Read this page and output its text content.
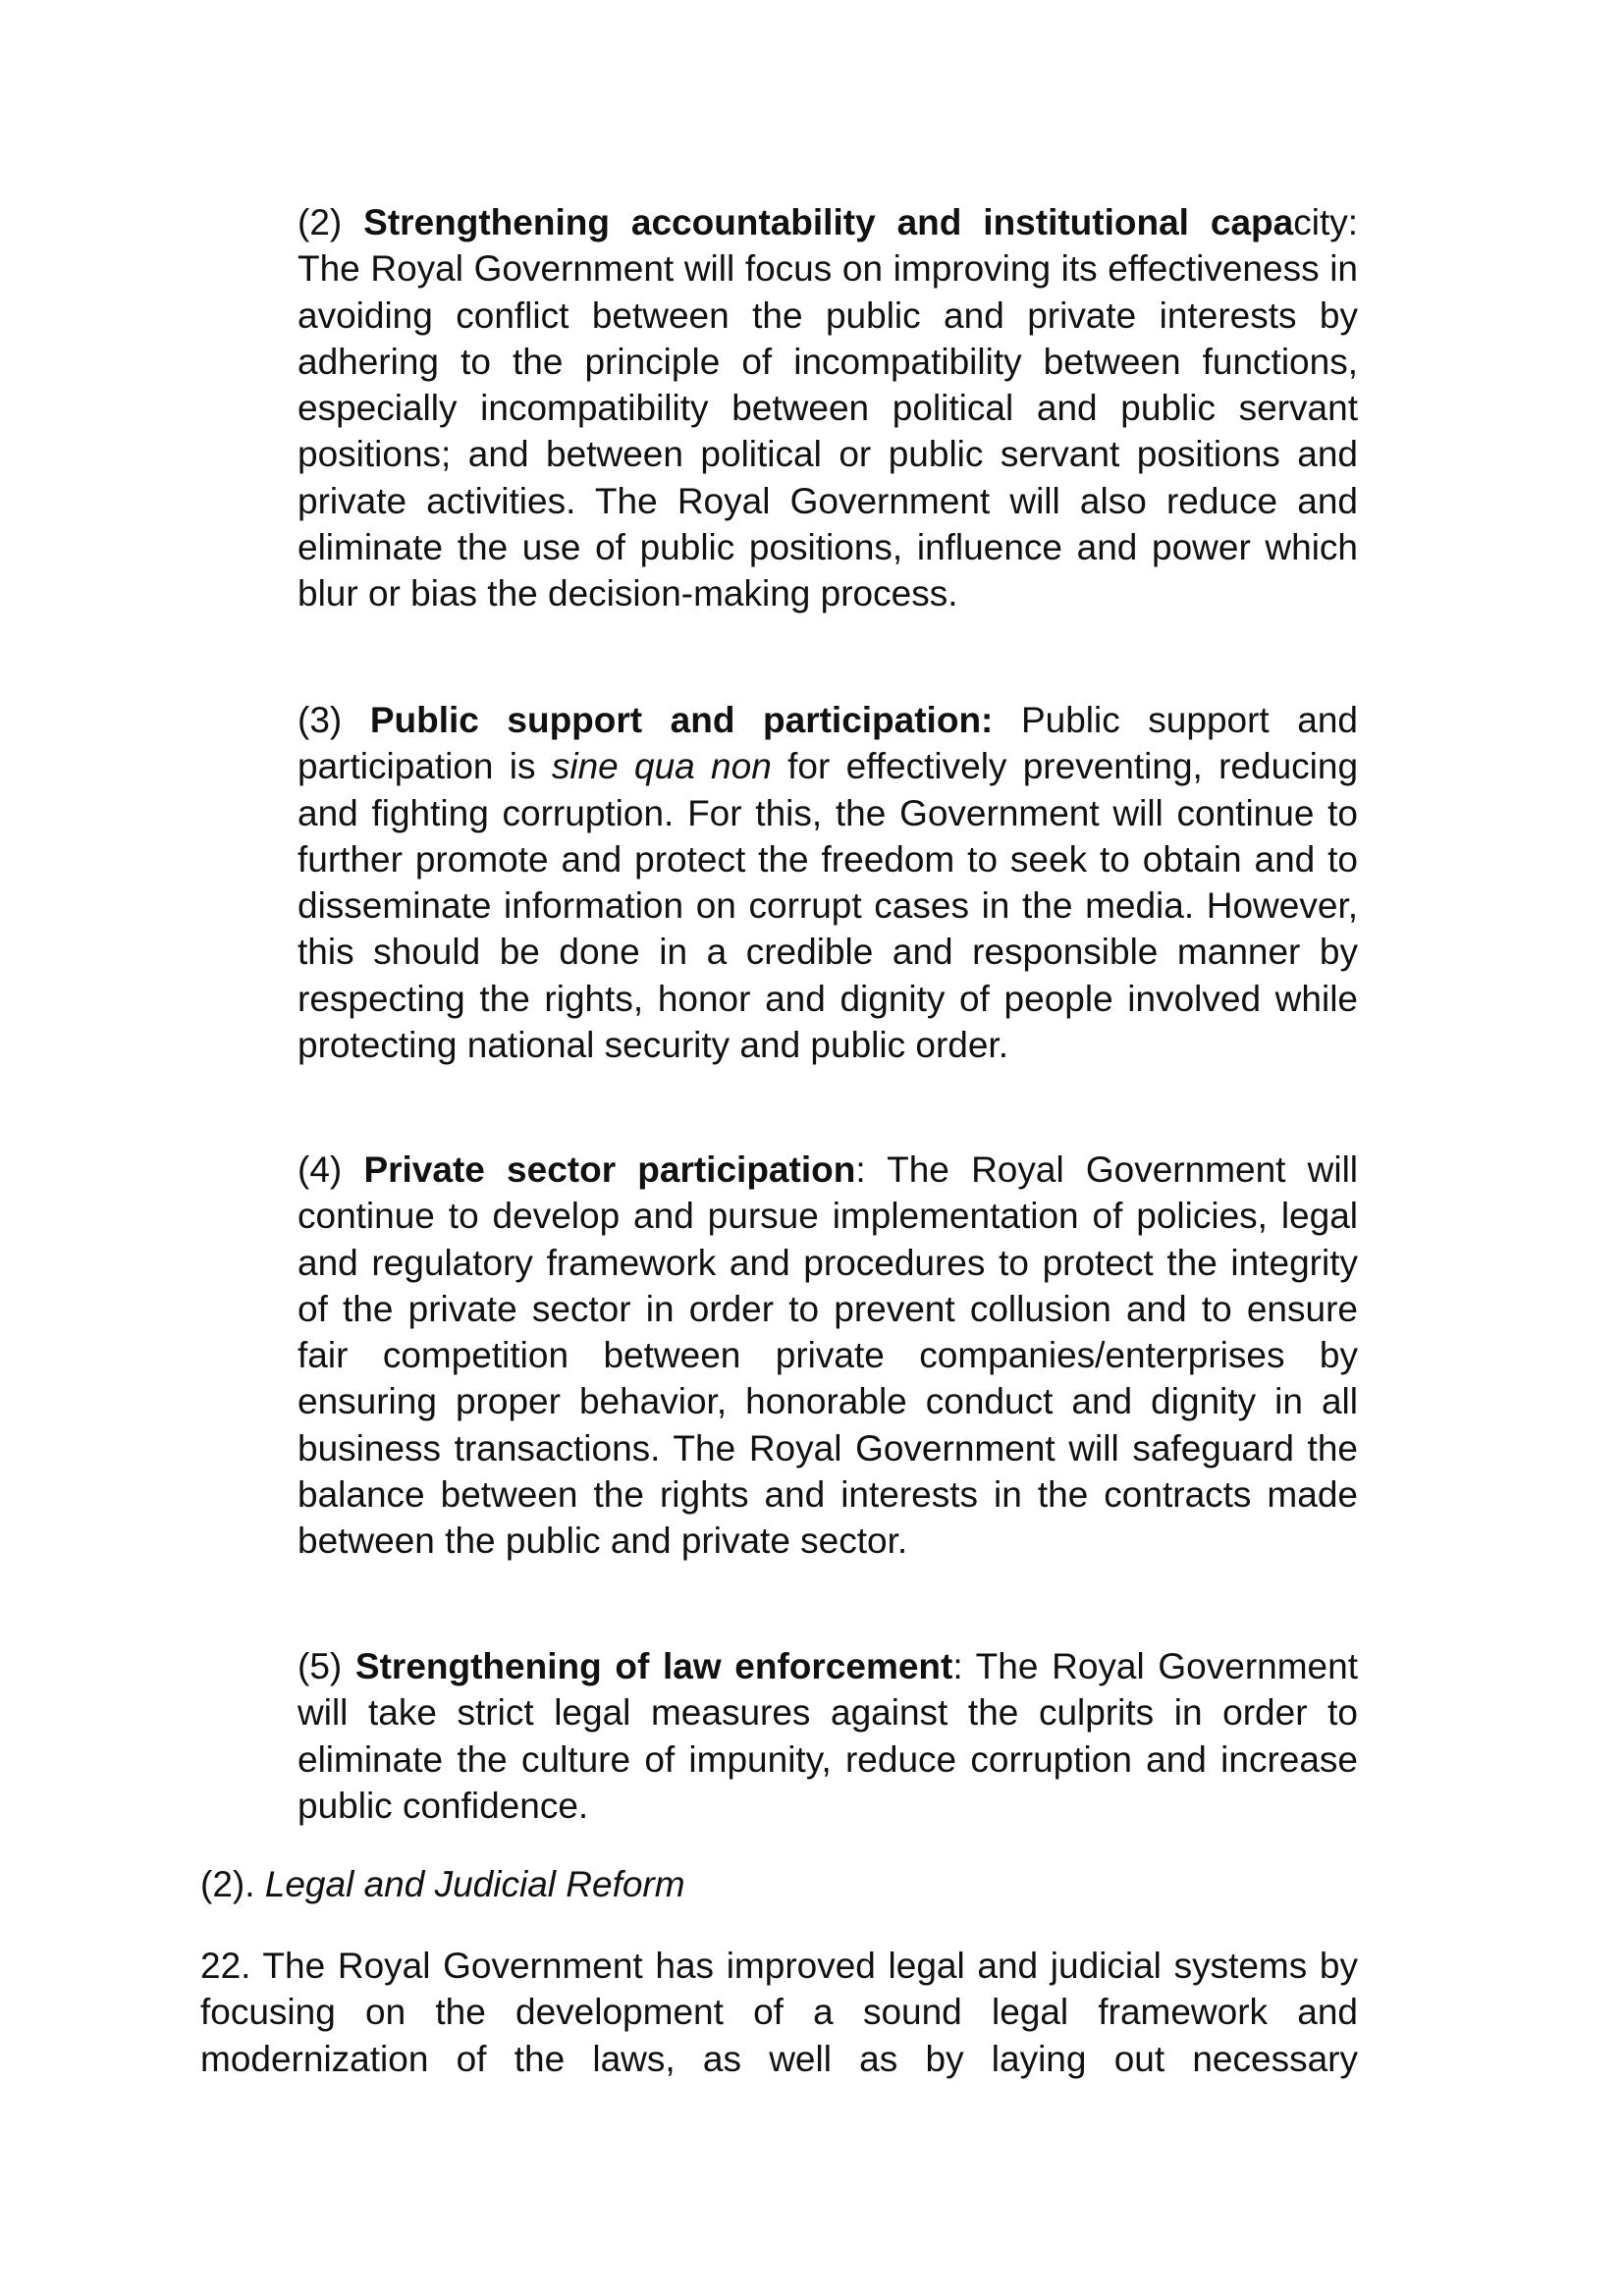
(2) Strengthening accountability and institutional capacity: The Royal Government will focus on improving its effectiveness in avoiding conflict between the public and private interests by adhering to the principle of incompatibility between functions, especially incompatibility between political and public servant positions; and between political or public servant positions and private activities. The Royal Government will also reduce and eliminate the use of public positions, influence and power which blur or bias the decision-making process.

(3) Public support and participation: Public support and participation is sine qua non for effectively preventing, reducing and fighting corruption. For this, the Government will continue to further promote and protect the freedom to seek to obtain and to disseminate information on corrupt cases in the media. However, this should be done in a credible and responsible manner by respecting the rights, honor and dignity of people involved while protecting national security and public order.

(4) Private sector participation: The Royal Government will continue to develop and pursue implementation of policies, legal and regulatory framework and procedures to protect the integrity of the private sector in order to prevent collusion and to ensure fair competition between private companies/enterprises by ensuring proper behavior, honorable conduct and dignity in all business transactions. The Royal Government will safeguard the balance between the rights and interests in the contracts made between the public and private sector.

(5) Strengthening of law enforcement: The Royal Government will take strict legal measures against the culprits in order to eliminate the culture of impunity, reduce corruption and increase public confidence.

(2). Legal and Judicial Reform

22. The Royal Government has improved legal and judicial systems by focusing on the development of a sound legal framework and modernization of the laws, as well as by laying out necessary
